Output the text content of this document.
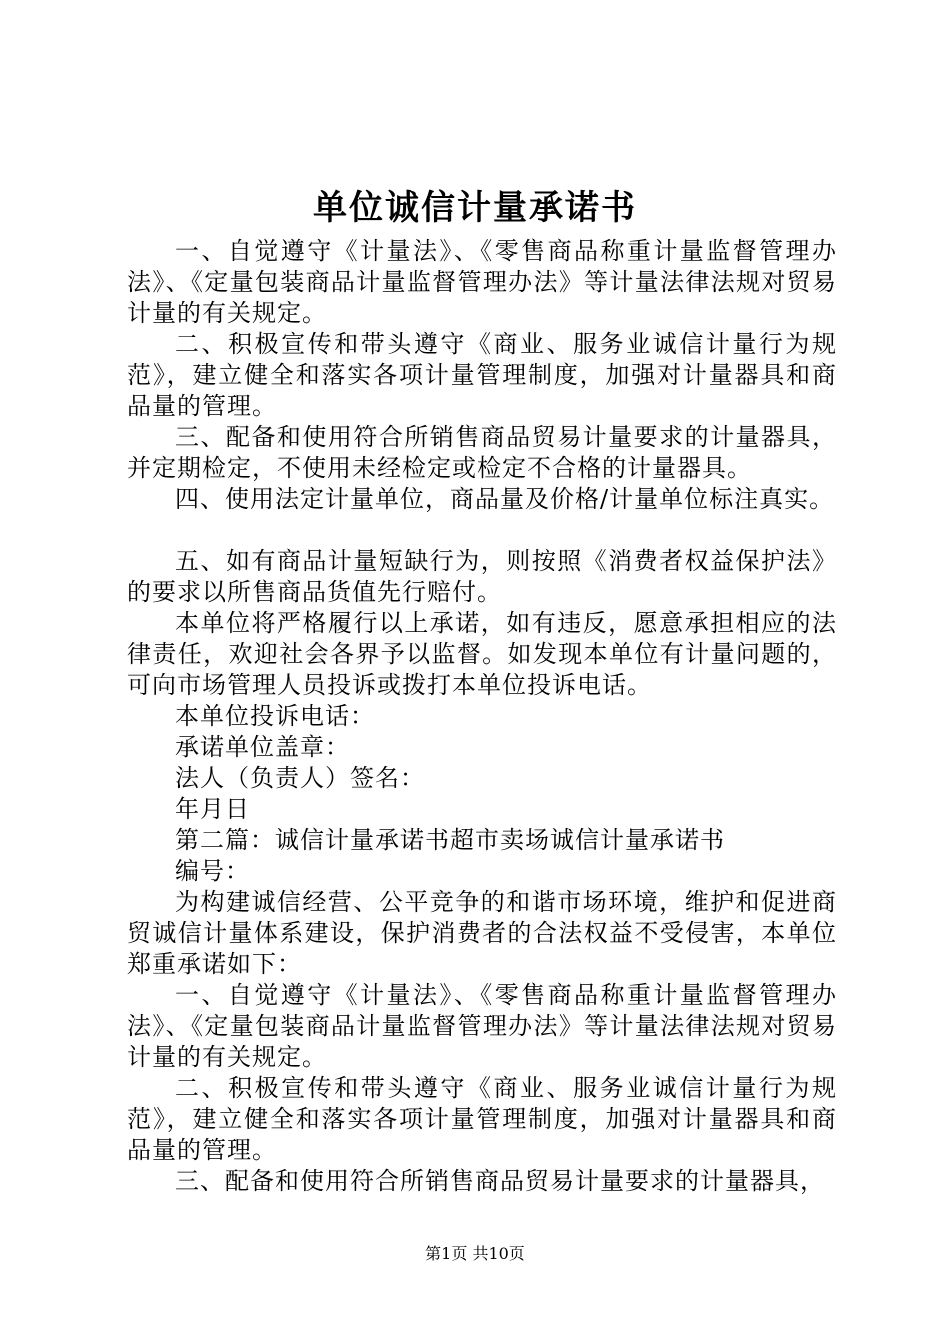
单位诚信计量承诺书

一、自觉遵守《计量法》、《零售商品称重计量监督管理办法》、《定量包装商品计量监督管理办法》等计量法律法规对贸易计量的有关规定。

二、积极宣传和带头遵守《商业、服务业诚信计量行为规范》，建立健全和落实各项计量管理制度，加强对计量器具和商品量的管理。

三、配备和使用符合所销售商品贸易计量要求的计量器具，并定期检定，不使用未经检定或检定不合格的计量器具。

四、使用法定计量单位，商品量及价格/计量单位标注真实。

五、如有商品计量短缺行为，则按照《消费者权益保护法》的要求以所售商品货值先行赔付。

本单位将严格履行以上承诺，如有违反，愿意承担相应的法律责任，欢迎社会各界予以监督。如发现本单位有计量问题的，可向市场管理人员投诉或拨打本单位投诉电话。

本单位投诉电话：

承诺单位盖章：

法人（负责人）签名：

年月日

第二篇：诚信计量承诺书超市卖场诚信计量承诺书

编号：

为构建诚信经营、公平竞争的和谐市场环境，维护和促进商贸诚信计量体系建设，保护消费者的合法权益不受侵害，本单位郑重承诺如下：

一、自觉遵守《计量法》、《零售商品称重计量监督管理办法》、《定量包装商品计量监督管理办法》等计量法律法规对贸易计量的有关规定。

二、积极宣传和带头遵守《商业、服务业诚信计量行为规范》，建立健全和落实各项计量管理制度，加强对计量器具和商品量的管理。

三、配备和使用符合所销售商品贸易计量要求的计量器具，

第1页 共10页
